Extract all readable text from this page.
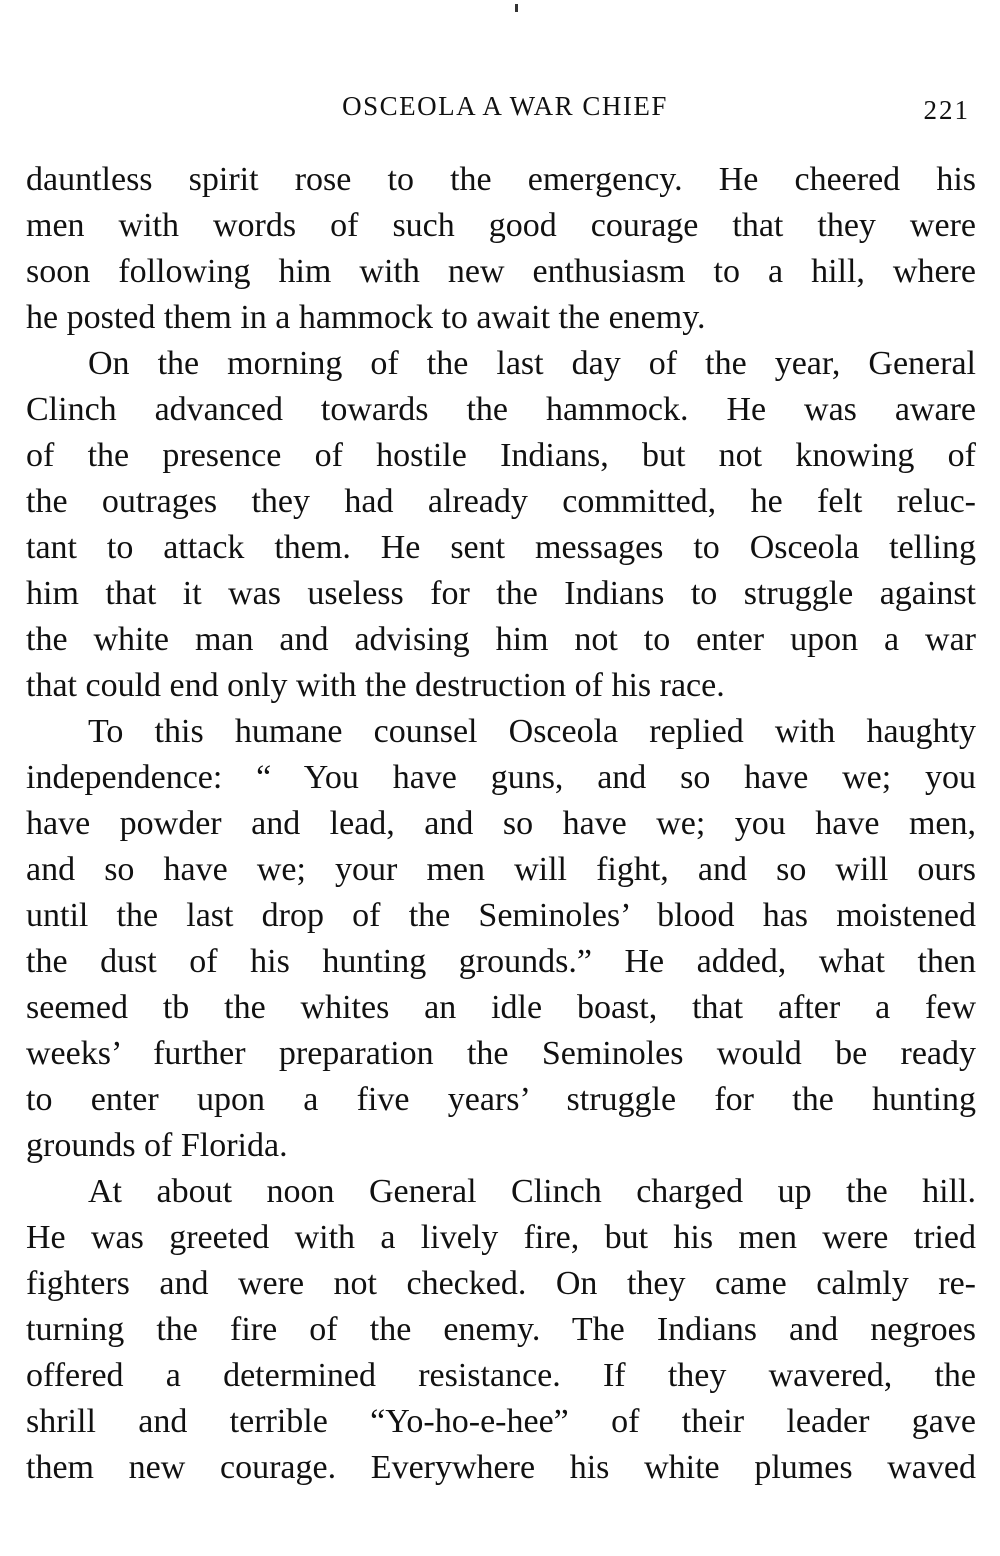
OSCEOLA A WAR CHIEF	221
dauntless spirit rose to the emergency. He cheered his
men with words of such good courage that they were
soon following him with new enthusiasm to a hill, where
he posted them in a hammock to await the enemy.
On the morning of the last day of the year, General
Clinch advanced towards the hammock. He was aware
of the presence of hostile Indians, but not knowing of
the outrages they had already committed, he felt reluc-
tant to attack them. He sent messages to Osceola telling
him that it was useless for the Indians to struggle against
the white man and advising him not to enter upon a war
that could end only with the destruction of his race.
To this humane counsel Osceola replied with haughty
independence: “ You have guns, and so have we; you
have powder and lead, and so have we; you have men,
and so have we; your men will fight, and so will ours
until the last drop of the Seminoles’ blood has moistened
the dust of his hunting grounds.” He added, what then
seemed tb the whites an idle boast, that after a few
weeks’ further preparation the Seminoles would be ready
to enter upon a five years’ struggle for the hunting
grounds of Florida.
At about noon General Clinch charged up the hill.
He was greeted with a lively fire, but his men were tried
fighters and were not checked. On they came calmly re-
turning the fire of the enemy. The Indians and negroes
offered a determined resistance. If they wavered, the
shrill and terrible “Yo-ho-e-hee” of their leader gave
them new courage. Everywhere his white plumes waved
